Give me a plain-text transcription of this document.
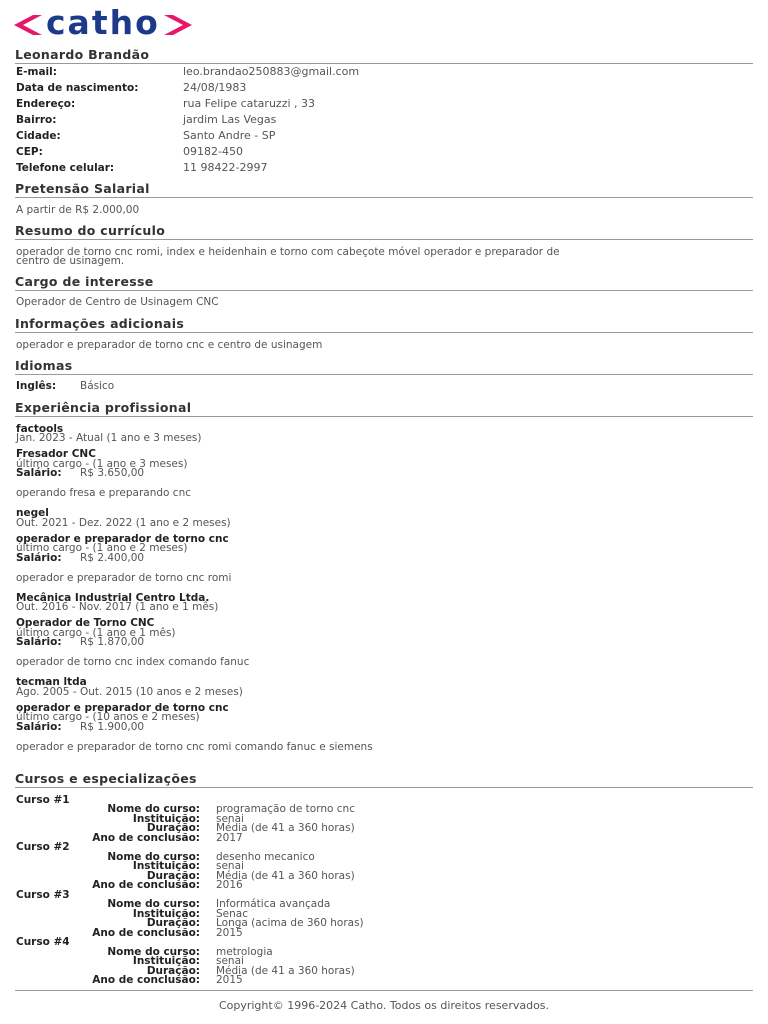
catho
Leonardo Brandão
E-mail:	leo.brandao250883@gmail.com
Data de nascimento:	24/08/1983
Endereço:	rua Felipe cataruzzi , 33
Bairro:	jardim Las Vegas
Cidade:	Santo Andre - SP
CEP:	09182-450
Telefone celular:	11 98422-2997
Pretensão Salarial
A partir de R$ 2.000,00
Resumo do currículo
operador de torno cnc romi, index e heidenhain e torno com cabeçote móvel operador e preparador de
centro de usinagem.
Cargo de interesse
Operador de Centro de Usinagem CNC
Informações adicionais
operador e preparador de torno cnc e centro de usinagem
Idiomas
Inglês: Básico
Experiência profissional
factools
Jan. 2023 - Atual (1 ano e 3 meses)
Fresador CNC
último cargo - (1 ano e 3 meses)
Salário: R$ 3.650,00
operando fresa e preparando cnc
negel
Out. 2021 - Dez. 2022 (1 ano e 2 meses)
operador e preparador de torno cnc
último cargo - (1 ano e 2 meses)
Salário: R$ 2.400,00
operador e preparador de torno cnc romi
Mecânica Industrial Centro Ltda.
Out. 2016 - Nov. 2017 (1 ano e 1 mês)
Operador de Torno CNC
último cargo - (1 ano e 1 mês)
Salário: R$ 1.870,00
operador de torno cnc index comando fanuc
tecman ltda
Ago. 2005 - Out. 2015 (10 anos e 2 meses)
operador e preparador de torno cnc
último cargo - (10 anos e 2 meses)
Salário: R$ 1.900,00
operador e preparador de torno cnc romi comando fanuc e siemens
Cursos e especializações
Curso #1
Nome do curso: programação de torno cnc
Instituição: senai
Duração: Média (de 41 a 360 horas)
Ano de conclusão: 2017
Curso #2
Nome do curso: desenho mecanico
Instituição: senai
Duração: Média (de 41 a 360 horas)
Ano de conclusão: 2016
Curso #3
Nome do curso: Informática avançada
Instituição: Senac
Duração: Longa (acima de 360 horas)
Ano de conclusão: 2015
Curso #4
Nome do curso: metrologia
Instituição: senai
Duração: Média (de 41 a 360 horas)
Ano de conclusão: 2015
Copyright© 1996-2024 Catho. Todos os direitos reservados.
